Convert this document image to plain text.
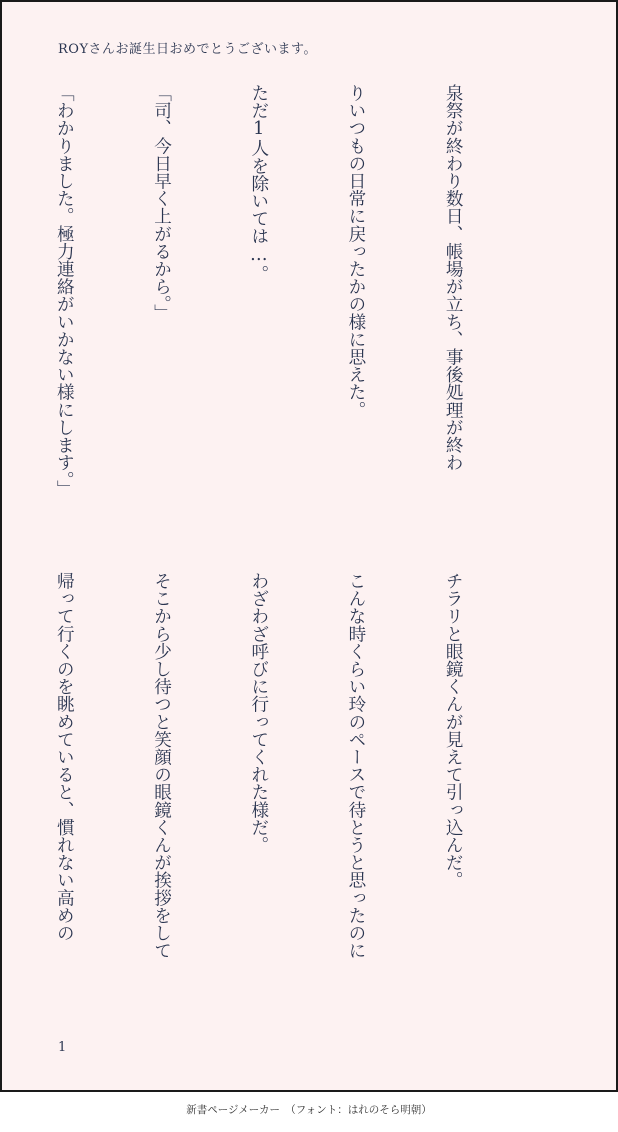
ROYさんお誕生日おめでとうございます。

泉祭が終わり数日、帳場が立ち、事後処理が終わ

りいつもの日常に戻ったかの様に思えた。

ただ1人を除いては…。

「司、今日早く上がるから。」

「わかりました。極力連絡がいかない様にします。」

チラリと眼鏡くんが見えて引っ込んだ。

こんな時くらい玲のペースで待とうと思ったのに

わざわざ呼びに行ってくれた様だ。

そこから少し待つと笑顔の眼鏡くんが挨拶をして

帰って行くのを眺めていると、慣れない高めの

1
新書ページメーカー　（フォント：はれのそら明朝）
